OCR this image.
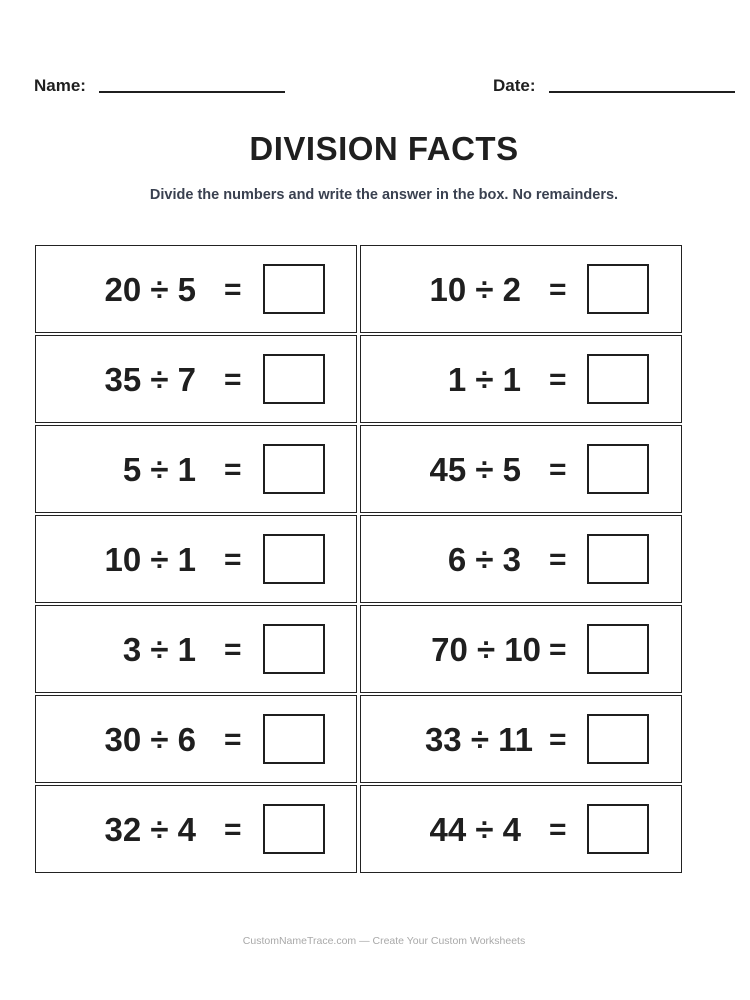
Name:	Date:
DIVISION FACTS
Divide the numbers and write the answer in the box. No remainders.
20 ÷ 5 =
35 ÷ 7 =
5 ÷ 1 =
10 ÷ 1 =
3 ÷ 1 =
30 ÷ 6 =
32 ÷ 4 =
10 ÷ 2 =
1 ÷ 1 =
45 ÷ 5 =
6 ÷ 3 =
70 ÷ 10 =
33 ÷ 11 =
44 ÷ 4 =
CustomNameTrace.com — Create Your Custom Worksheets
